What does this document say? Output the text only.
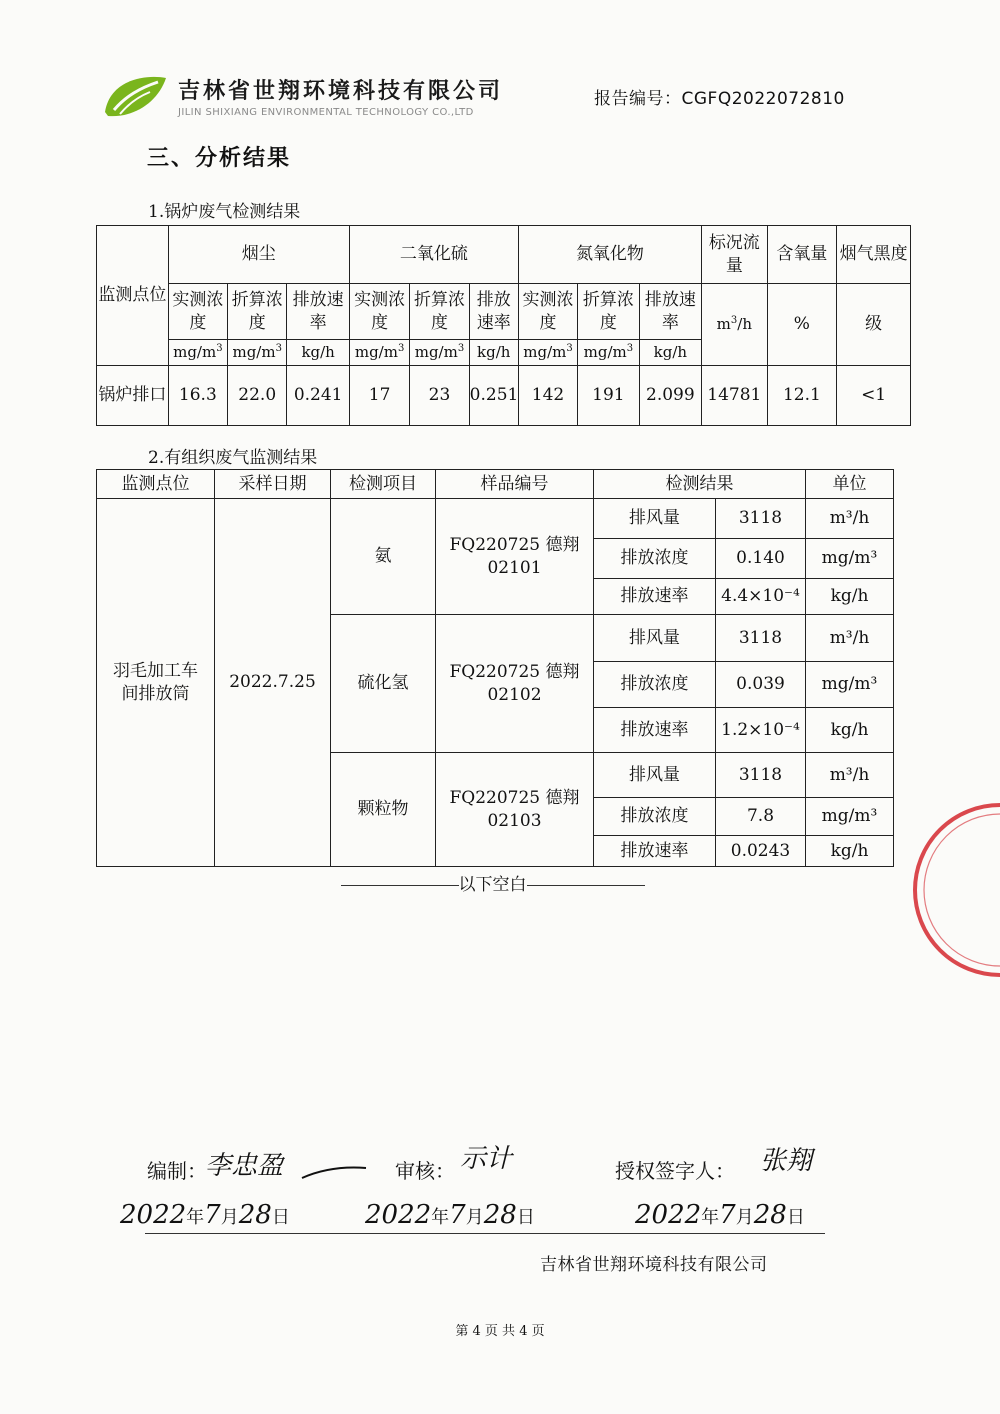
吉林省世翔环境科技有限公司
JILIN SHIXIANG ENVIRONMENTAL TECHNOLOGY CO.,LTD
报告编号：CGFQ2022072810
三、分析结果
1.锅炉废气检测结果
监测点位	烟尘			二氧化硫			氮氧化物			标况流量	含氧量	烟气黑度
	实测浓度	折算浓度	排放速率	实测浓度	折算浓度	排放速率	实测浓度	折算浓度	排放速率	$m^3/h$	%	级
	$mg/m^3$	$mg/m^3$	kg/h	$mg/m^3$	$mg/m^3$	kg/h	$mg/m^3$	$mg/m^3$	kg/h			
锅炉排口	16.3	22.0	0.241	17	23	0.251	142	191	2.099	14781	12.1	<1
2.有组织废气监测结果
监测点位	采样日期	检测项目	样品编号	检测结果		单位
羽毛加工车间排放筒	2022.7.25	氨	FQ220725 德翔 02101	排风量	3118	m³/h
				排放浓度	0.140	mg/m³
				排放速率	4.4×10⁻⁴	kg/h
		硫化氢	FQ220725 德翔 02102	排风量	3118	m³/h
				排放浓度	0.039	mg/m³
				排放速率	1.2×10⁻⁴	kg/h
		颗粒物	FQ220725 德翔 02103	排风量	3118	m³/h
				排放浓度	7.8	mg/m³
				排放速率	0.0243	kg/h
以下空白
编制：
李忠盈	审核： 示计	授权签字人： 张翔
2022年7月28日	2022年7月28日	2022年7月28日
吉林省世翔环境科技有限公司
第 4 页 共 4 页
